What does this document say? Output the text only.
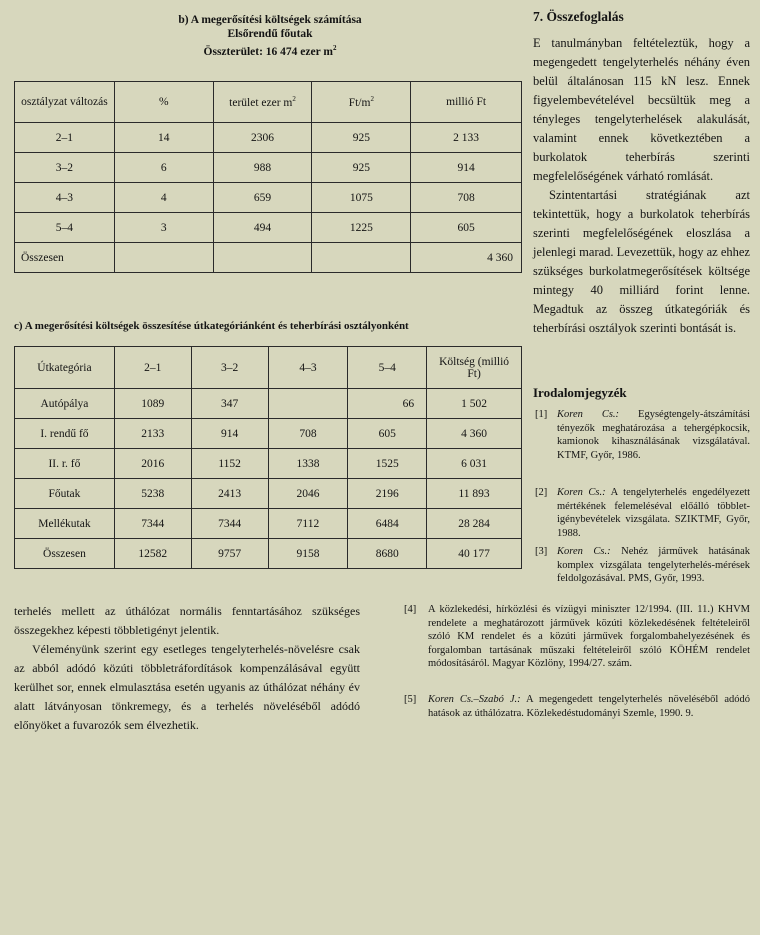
b) A megerősítési költségek számítása
Elsőrendű főutak
Összterület: 16 474 ezer $m^2$
osztályzat változás	%	terület ezer $m^2$	$Ft/m^2$	millió Ft
2–1	14	2306	925	2 133
3–2	6	988	925	914
4–3	4	659	1075	708
5–4	3	494	1225	605
Összesen				4 360
c) A megerősítési költségek összesítése útkategóriánként és teherbírási osztályonként
Útkategória	2–1	3–2	4–3	5–4	Költség (millió Ft)
Autópálya	1089	347		66	1 502
I. rendű fő	2133	914	708	605	4 360
II. r. fő	2016	1152	1338	1525	6 031
Főutak	5238	2413	2046	2196	11 893
Mellékutak	7344	7344	7112	6484	28 284
Összesen	12582	9757	9158	8680	40 177

terhelés mellett az úthálózat normális fenntartásához szükséges összegekhez képesti többletigényt jelentik.

Véleményünk szerint egy esetleges tengelyterhelés-növelésre csak az abból adódó közúti többletráfordítások kompenzálásával együtt kerülhet sor, ennek elmulasztása esetén ugyanis az úthálózat néhány év alatt látványosan tönkremegy, és a terhelés növeléséből adódó előnyöket a fuvarozók sem élvezhetik.

7. Összefoglalás

E tanulmányban feltételeztük, hogy a megengedett tengelyterhelés néhány éven belül általánosan 115 kN lesz. Ennek figyelembevételével becsültük meg a tényleges tengelyterhelések alakulását, valamint ennek következtében a burkolatok teherbírás szerinti megfelelőségének várható romlását.

Szintentartási stratégiának azt tekintettük, hogy a burkolatok teherbírás szerinti megfelelőségének eloszlása a jelenlegi marad. Levezettük, hogy az ehhez szükséges burkolatmegerősítések költsége mintegy 40 milliárd forint lenne. Megadtuk az összeg útkategóriák és teherbírási osztályok szerinti bontását is.

Irodalomjegyzék
[1] Koren Cs.: Egységtengely-átszámítási tényezők meghatározása a tehergépkocsik, kamionok kihasználásának vizsgálatával. KTMF, Győr, 1986.
[2] Koren Cs.: A tengelyterhelés engedélyezett mértékének felemeléséval előálló többlet-igénybevételek vizsgálata. SZIKTMF, Győr, 1988.
[3] Koren Cs.: Nehéz járművek hatásának komplex vizsgálata tengelyterhelés-mérések feldolgozásával. PMS, Győr, 1993.
[4] A közlekedési, hírközlési és vízügyi miniszter 12/1994. (III. 11.) KHVM rendelete a meghatározott járművek közúti közlekedésének feltételeiről szóló KM rendelet és a közúti járművek forgalombahelyezésének és forgalomban tartásának műszaki feltételeiről szóló KÖHÉM rendelet módosításáról. Magyar Közlöny, 1994/27. szám.
[5] Koren Cs.–Szabó J.: A megengedett tengelyterhelés növeléséből adódó hatások az úthálózatra. Közlekedéstudományi Szemle, 1990. 9.
